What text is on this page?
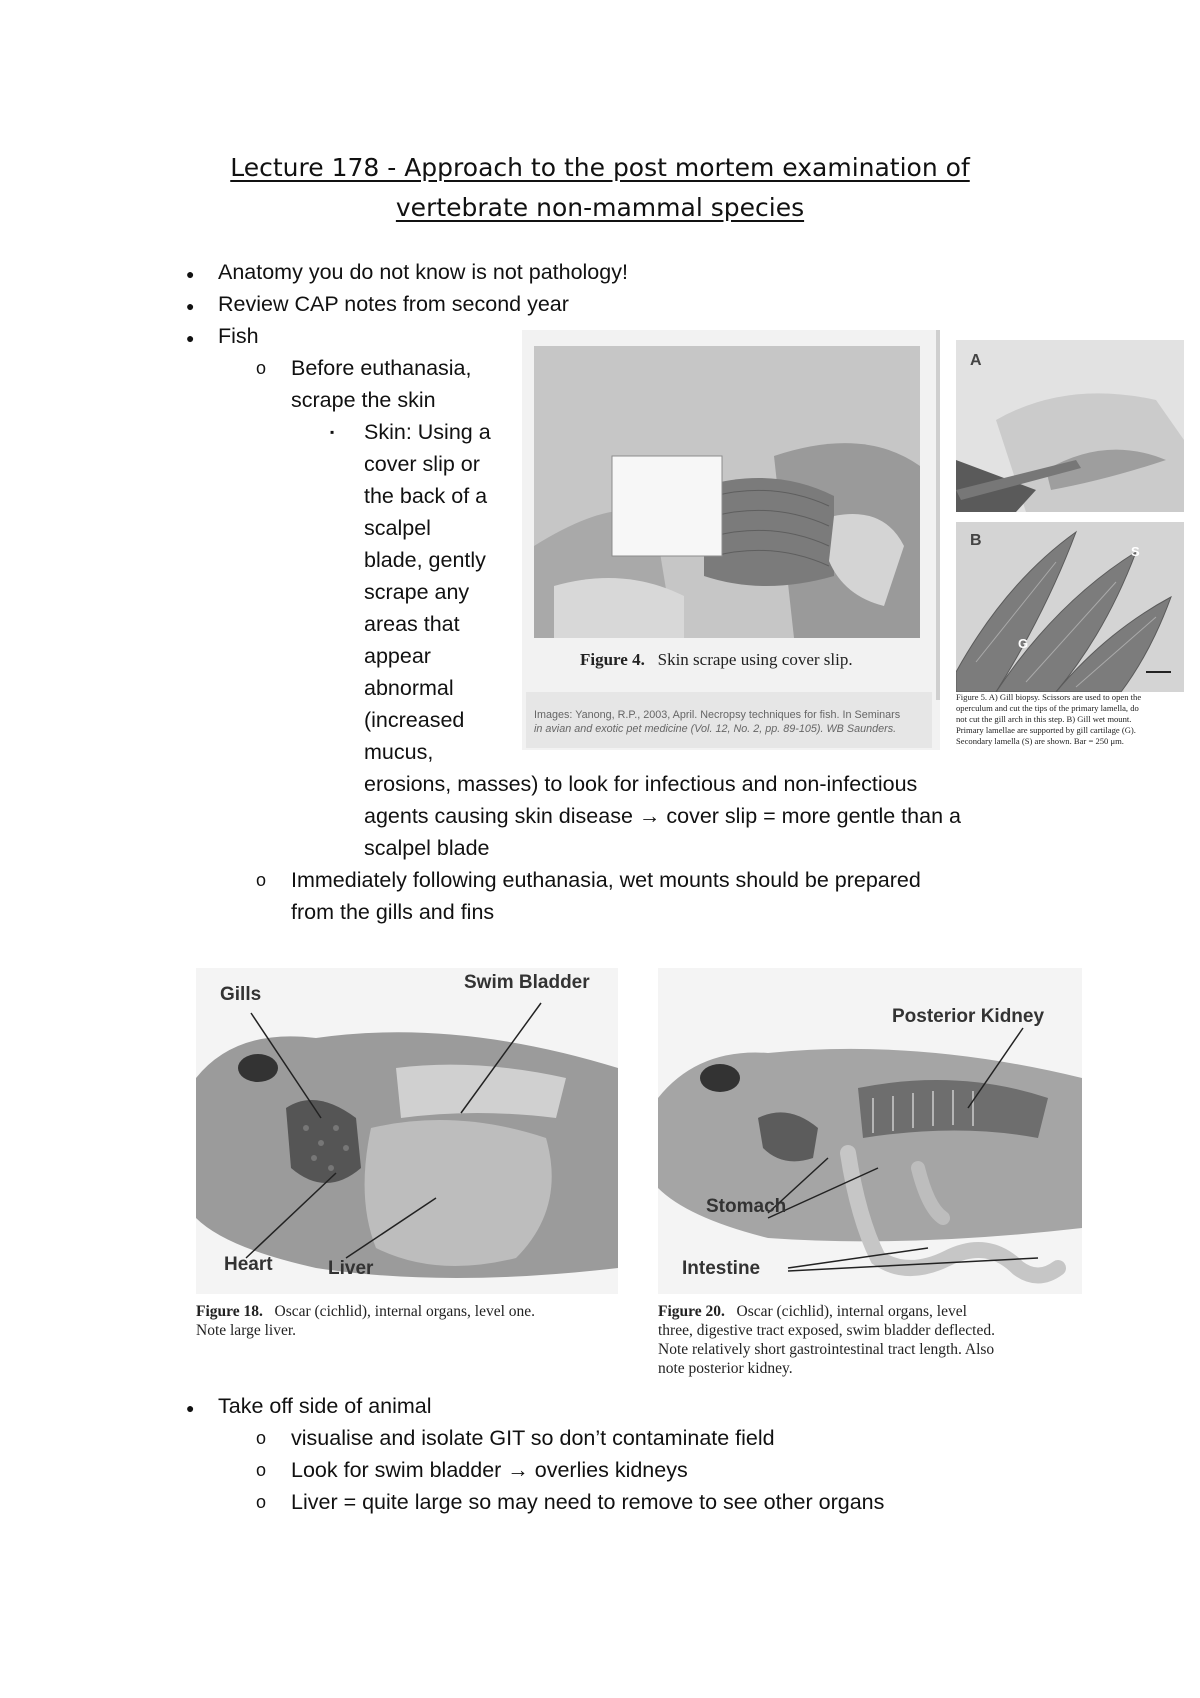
Lecture 178 - Approach to the post mortem examination of
vertebrate non-mammal species
● Anatomy you do not know is not pathology!
● Review CAP notes from second year
● Fish
o Before euthanasia,
scrape the skin
▪ Skin: Using a
cover slip or
the back of a
scalpel
blade, gently
scrape any
areas that
appear
abnormal
(increased
mucus,
erosions, masses) to look for infectious and non-infectious
agents causing skin disease → cover slip = more gentle than a
scalpel blade
o Immediately following euthanasia, wet mounts should be prepared
from the gills and fins
Figure 4. Skin scrape using cover slip.
Images: Yanong, R.P., 2003, April. Necropsy techniques for fish. In Seminars
in avian and exotic pet medicine (Vol. 12, No. 2, pp. 89-105). WB Saunders.
A
B
S
G
Figure 5. A) Gill biopsy. Scissors are used to open the
operculum and cut the tips of the primary lamella, do
not cut the gill arch in this step. B) Gill wet mount.
Primary lamellae are supported by gill cartilage (G).
Secondary lamella (S) are shown. Bar = 250 μm.
Gills
Swim Bladder
Heart	Liver
Figure 18. Oscar (cichlid), internal organs, level one.
Note large liver.
Posterior Kidney
Stomach
Intestine
Figure 20. Oscar (cichlid), internal organs, level
three, digestive tract exposed, swim bladder deflected.
Note relatively short gastrointestinal tract length. Also
note posterior kidney.
● Take off side of animal
o visualise and isolate GIT so don’t contaminate field
o Look for swim bladder → overlies kidneys
o Liver = quite large so may need to remove to see other organs
